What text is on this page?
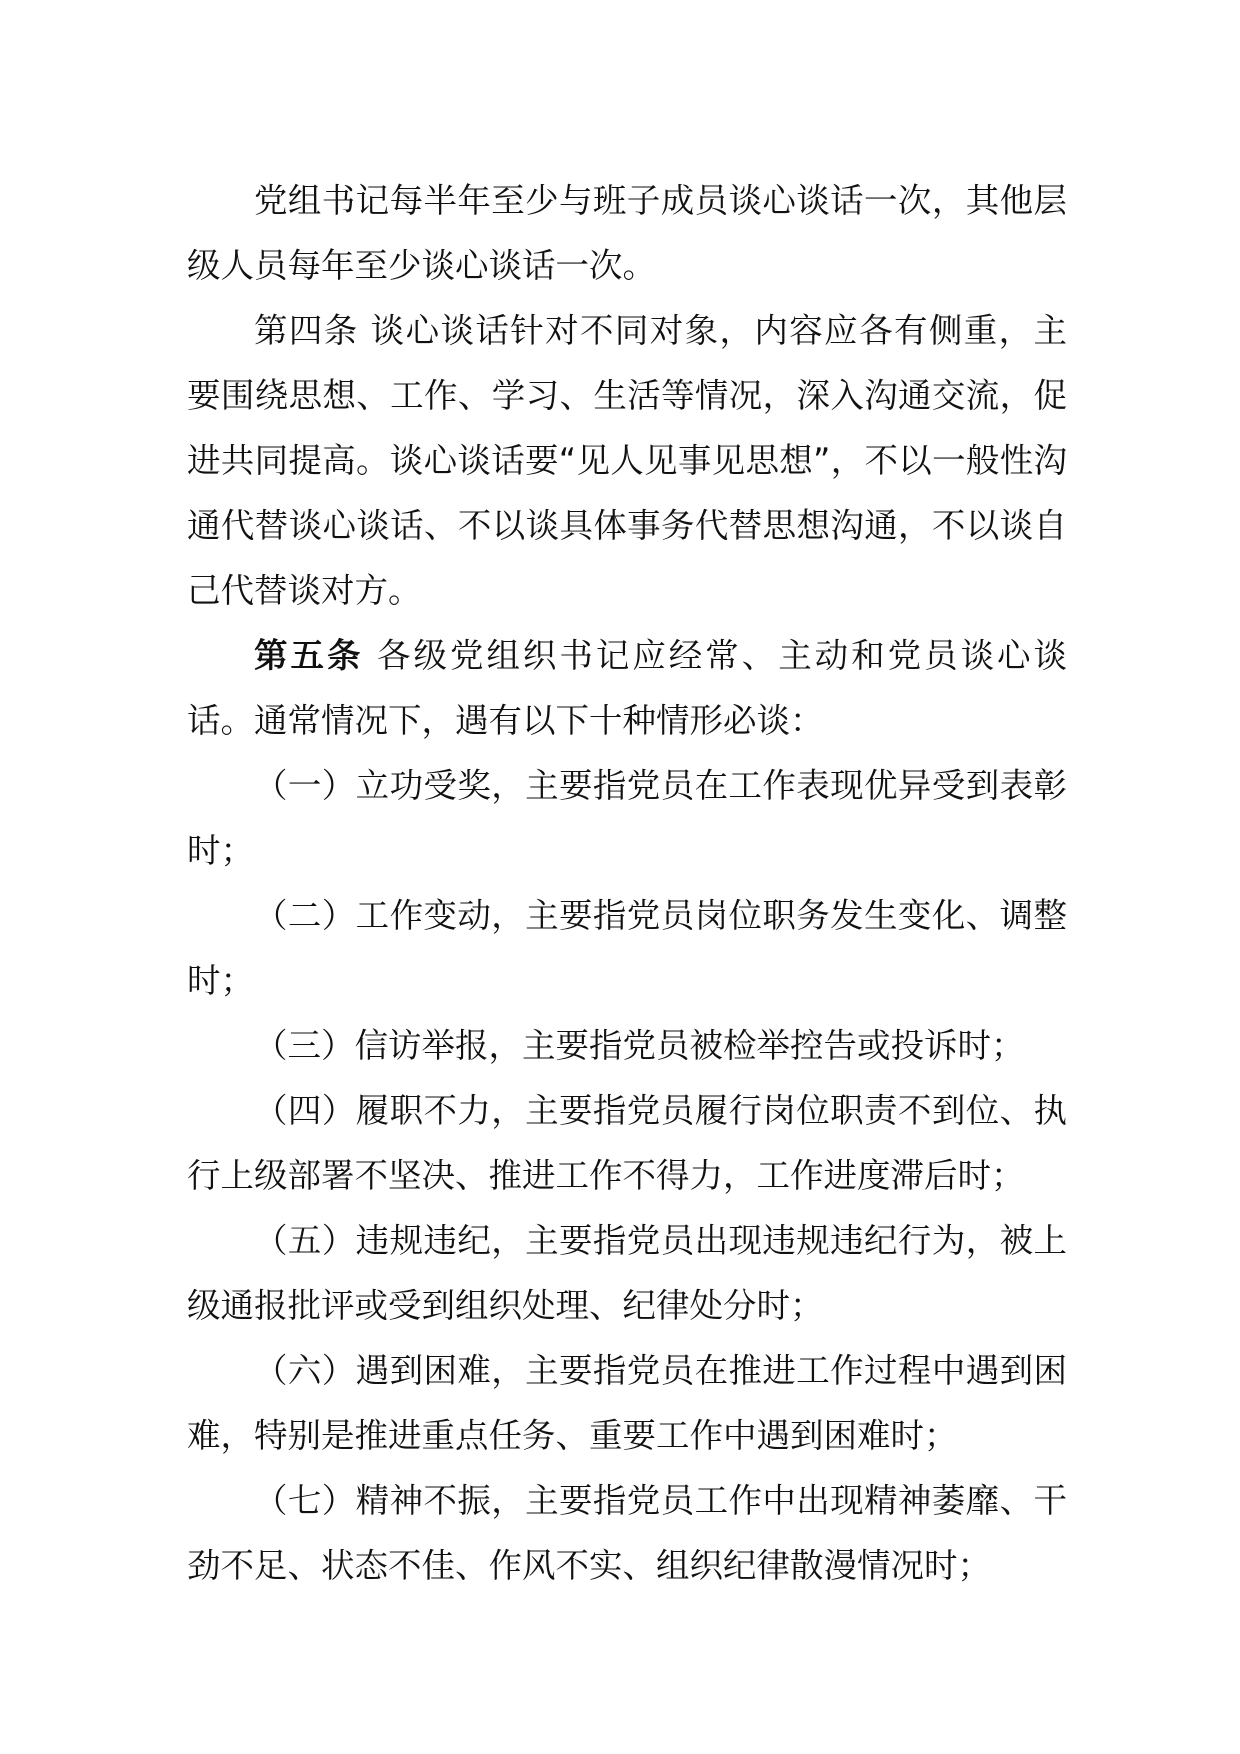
党组书记每半年至少与班子成员谈心谈话一次，其他层级人员每年至少谈心谈话一次。

第四条 谈心谈话针对不同对象，内容应各有侧重，主要围绕思想、工作、学习、生活等情况，深入沟通交流，促进共同提高。谈心谈话要“见人见事见思想”，不以一般性沟通代替谈心谈话、不以谈具体事务代替思想沟通，不以谈自己代替谈对方。

第五条 各级党组织书记应经常、主动和党员谈心谈话。通常情况下，遇有以下十种情形必谈：

（一）立功受奖，主要指党员在工作表现优异受到表彰时；

（二）工作变动，主要指党员岗位职务发生变化、调整时；

（三）信访举报，主要指党员被检举控告或投诉时；

（四）履职不力，主要指党员履行岗位职责不到位、执行上级部署不坚决、推进工作不得力，工作进度滞后时；

（五）违规违纪，主要指党员出现违规违纪行为，被上级通报批评或受到组织处理、纪律处分时；

（六）遇到困难，主要指党员在推进工作过程中遇到困难，特别是推进重点任务、重要工作中遇到困难时；

（七）精神不振，主要指党员工作中出现精神萎靡、干劲不足、状态不佳、作风不实、组织纪律散漫情况时；
